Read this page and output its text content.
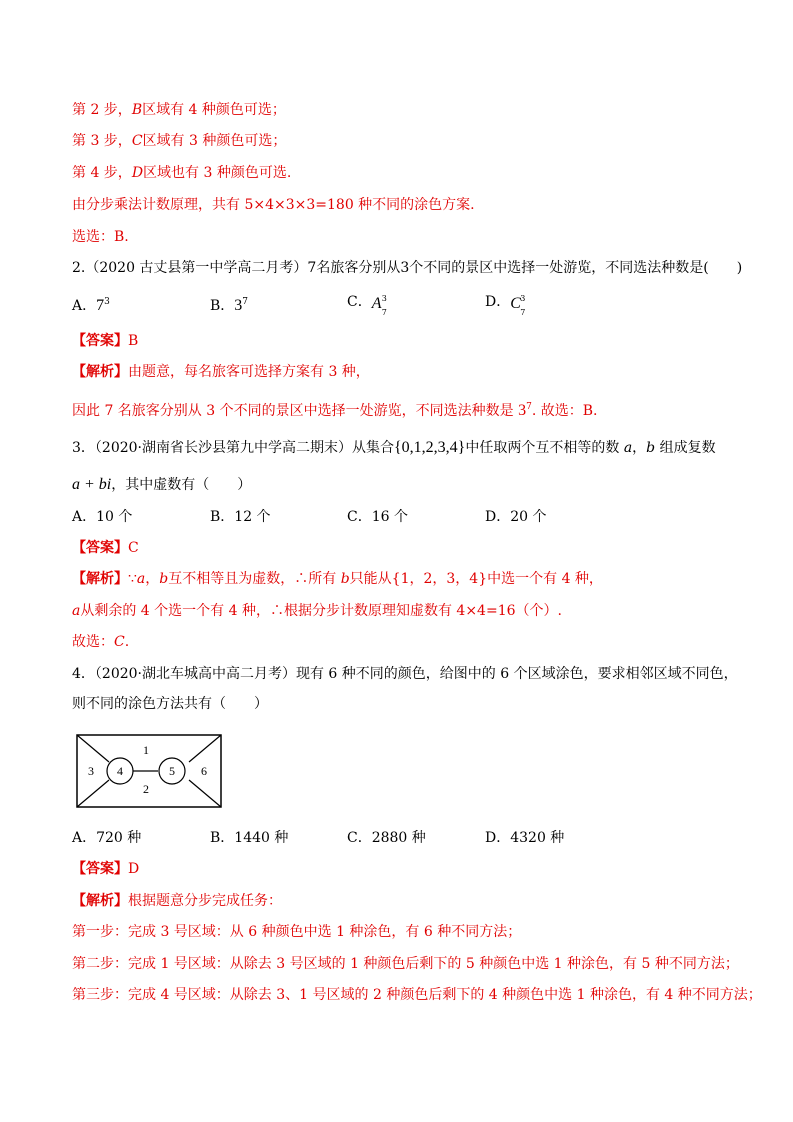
第 2 步，B区域有 4 种颜色可选；
第 3 步，C区域有 3 种颜色可选；
第 4 步，D区域也有 3 种颜色可选.
由分步乘法计数原理，共有 5×4×3×3=180 种不同的涂色方案.
选选：B.
2.（2020 古丈县第一中学高二月考）7名旅客分别从3个不同的景区中选择一处游览，不同选法种数是(　　)
A．$7^3$	B．$3^7$	C． A 3
7
D． C 3
7
【答案】B
【解析】由题意，每名旅客可选择方案有 3 种，
因此 7 名旅客分别从 3 个不同的景区中选择一处游览，不同选法种数是 $3^7$. 故选：B.
3．（2020·湖南省长沙县第九中学高二期末）从集合{0,1,2,3,4}中任取两个互不相等的数 a，b 组成复数
a + bi，其中虚数有（　　）
A．10 个	B．12 个	C．16 个	D．20 个
【答案】C
【解析】∵a，b互不相等且为虚数，∴所有 b只能从{1，2，3，4}中选一个有 4 种，
a从剩余的 4 个选一个有 4 种，∴根据分步计数原理知虚数有 4×4=16（个）.
故选：C.
4．（2020·湖北车城高中高二月考）现有 6 种不同的颜色，给图中的 6 个区域涂色，要求相邻区域不同色，
则不同的涂色方法共有（　　）
1
2
3 4	5 6
A．720 种	B．1440 种	C．2880 种	D．4320 种
【答案】D
【解析】根据题意分步完成任务：
第一步：完成 3 号区域：从 6 种颜色中选 1 种涂色，有 6 种不同方法；
第二步：完成 1 号区域：从除去 3 号区域的 1 种颜色后剩下的 5 种颜色中选 1 种涂色，有 5 种不同方法；
第三步：完成 4 号区域：从除去 3、1 号区域的 2 种颜色后剩下的 4 种颜色中选 1 种涂色，有 4 种不同方法；
